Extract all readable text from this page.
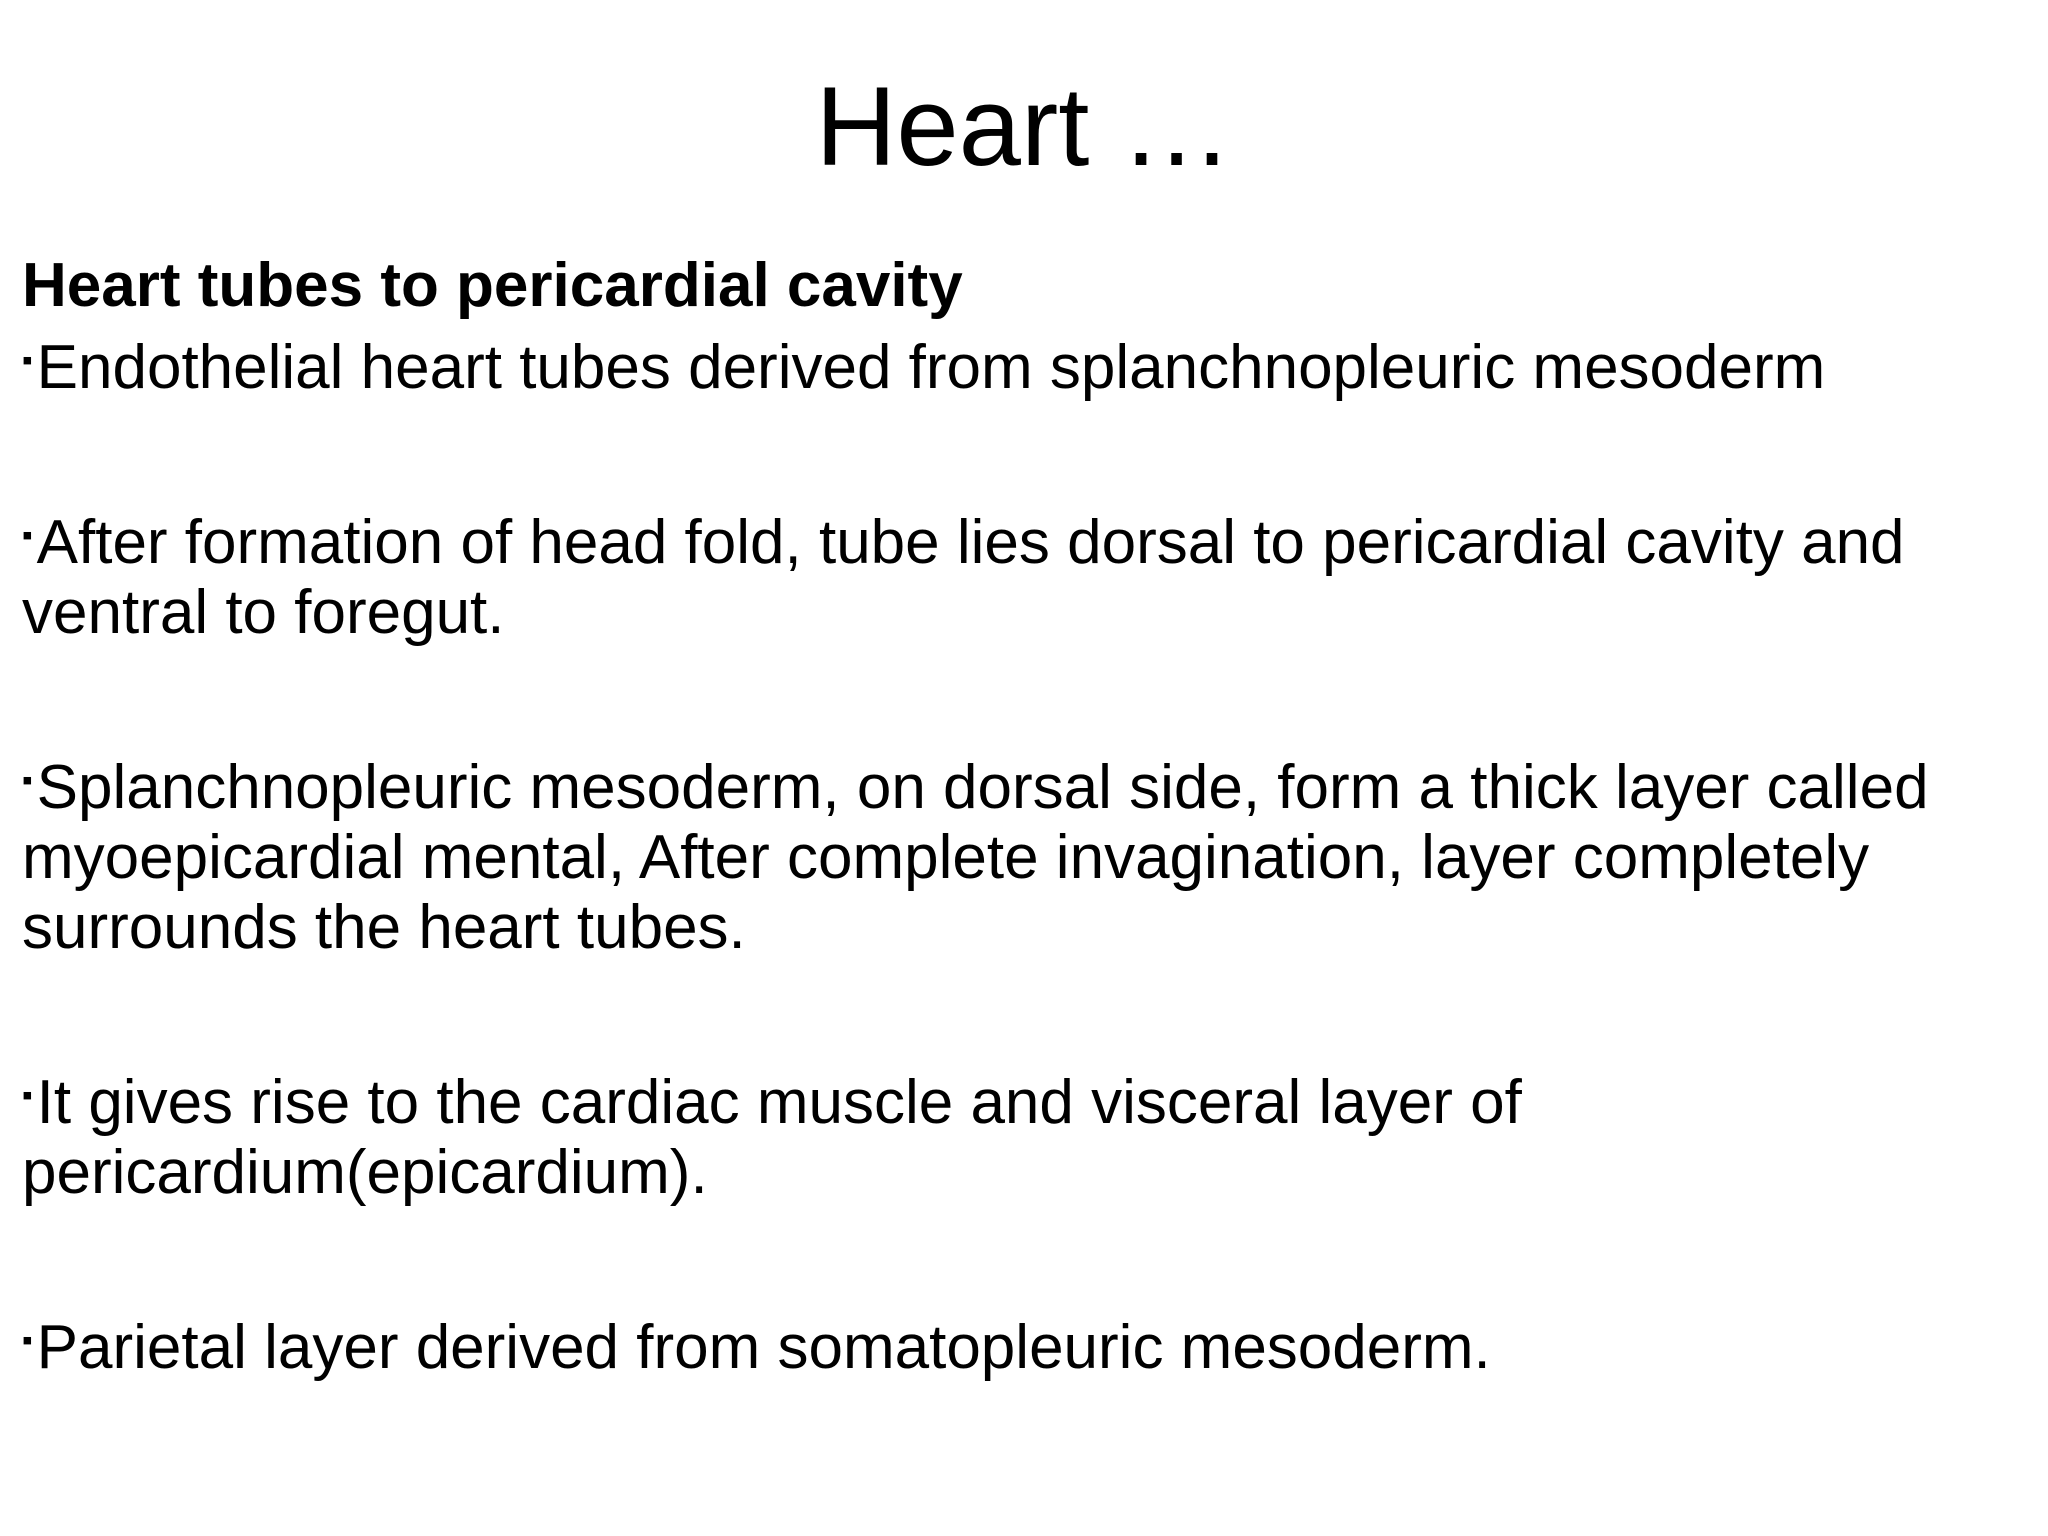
Heart …

Heart tubes to pericardial cavity

▪Endothelial heart tubes derived from splanchnopleuric mesoderm

▪After formation of head fold, tube lies dorsal to pericardial cavity and ventral to foregut.

▪Splanchnopleuric mesoderm, on dorsal side, form a thick layer called myoepicardial mental, After complete invagination, layer completely surrounds the heart tubes.

▪It gives rise to the cardiac muscle and visceral layer of pericardium(epicardium).

▪Parietal layer derived from somatopleuric mesoderm.
